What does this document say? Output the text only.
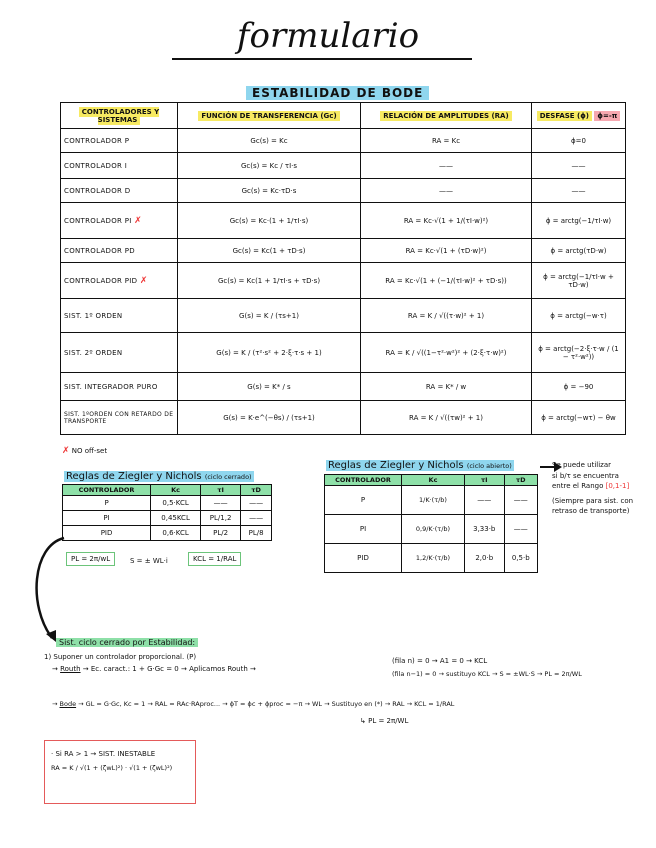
formulario
ESTABILIDAD DE BODE
CONTROLADORES Y SISTEMAS	FUNCIÓN DE TRANSFERENCIA (Gc)	RELACIÓN DE AMPLITUDES (RA)	DESFASE (ϕ) ϕ=-π
CONTROLADOR P	Gc(s) = Kc	RA = Kc	ϕ=0
CONTROLADOR I	Gc(s) = Kc / τI·s	——	——
CONTROLADOR D	Gc(s) = Kc·τD·s	——	——
CONTROLADOR PI ✗	Gc(s) = Kc·(1 + 1/τI·s)	RA = Kc·√(1 + 1/(τI·w)²)	ϕ = arctg(−1/τI·w)
CONTROLADOR PD	Gc(s) = Kc(1 + τD·s)	RA = Kc·√(1 + (τD·w)²)	ϕ = arctg(τD·w)
CONTROLADOR PID ✗	Gc(s) = Kc(1 + 1/τI·s + τD·s)	RA = Kc·√(1 + (−1/(τI·w)² + τD·s))	ϕ = arctg(−1/τI·w + τD·w)
SIST. 1º ORDEN	G(s) = K / (τs+1)	RA = K / √((τ·w)² + 1)	ϕ = arctg(−w·τ)
SIST. 2º ORDEN	G(s) = K / (τ²·s² + 2·ξ·τ·s + 1)	RA = K / √((1−τ²·w²)² + (2·ξ·τ·w)²)	ϕ = arctg(−2·ξ·τ·w / (1 − τ²·w²))
SIST. INTEGRADOR PURO	G(s) = K* / s	RA = K* / w	ϕ = −90
SIST. 1ºORDEN CON RETARDO DE TRANSPORTE	G(s) = K·e^(−θs) / (τs+1)	RA = K / √((τw)² + 1)	ϕ = arctg(−wτ) − θw
✗ NO off-set
Reglas de Ziegler y Nichols (ciclo cerrado)
CONTROLADOR	Kc	τI	τD
P	0,5·KCL	——	——
PI	0,45KCL	PL/1,2	——
PID	0,6·KCL	PL/2	PL/8
PL = 2π/wL	S = ± WL·i	KCL = 1/RAL
Reglas de Ziegler y Nichols (ciclo abierto)
CONTROLADOR	Kc	τI	τD
P	1/K·(τ/b)	——	——
PI	0,9/K·(τ/b)	3,33·b	——
PID	1,2/K·(τ/b)	2,0·b	0,5·b
Se puede utilizar
si b/τ se encuentra
entre el Rango [0,1-1]
(Siempre para sist. con
retraso de transporte)
Sist. ciclo cerrado por Estabilidad:
1) Suponer un controlador proporcional. (P)
→ Routh → Ec. caract.: 1 + G·Gc = 0 → Aplicamos Routh →
(fila n) = 0 → A1 = 0 → KCL
(fila n−1) = 0 → sustituyo KCL → S = ±WL·S → PL = 2π/WL
→ Bode → GL = G·Gc, Kc = 1 → RAL = RAc·RAproc... → ϕT = ϕc + ϕproc = −π → WL → Sustituyo en (*) → RAL → KCL = 1/RAL
↳ PL = 2π/WL
· Si RA > 1 → SIST. INESTABLE
RA = K / √(1 + (ζwL)²) · √(1 + (ζwL)²)
